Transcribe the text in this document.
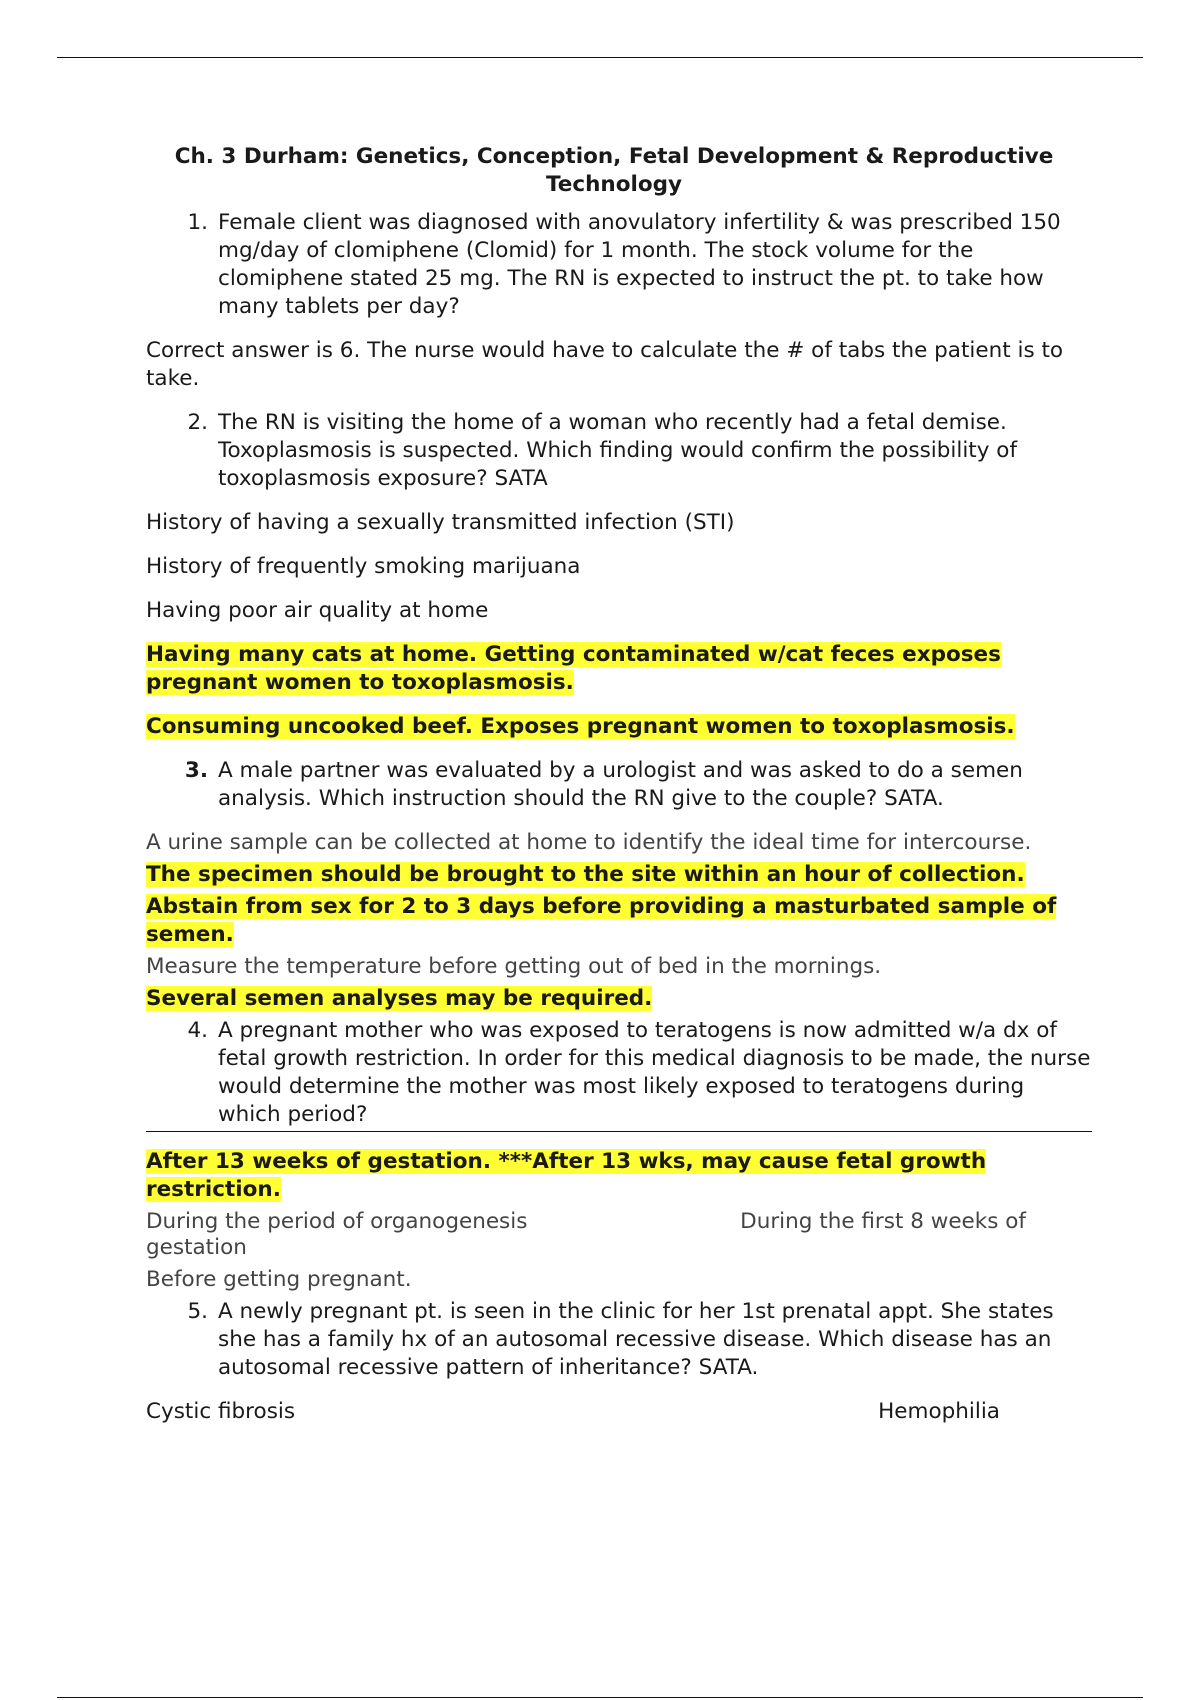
Ch. 3 Durham: Genetics, Conception, Fetal Development & Reproductive Technology
1. Female client was diagnosed with anovulatory infertility & was prescribed 150 mg/day of clomiphene (Clomid) for 1 month. The stock volume for the clomiphene stated 25 mg. The RN is expected to instruct the pt. to take how many tablets per day?

Correct answer is 6. The nurse would have to calculate the # of tabs the patient is to take.

2. The RN is visiting the home of a woman who recently had a fetal demise. Toxoplasmosis is suspected. Which finding would confirm the possibility of toxoplasmosis exposure? SATA

History of having a sexually transmitted infection (STI)

History of frequently smoking marijuana

Having poor air quality at home

Having many cats at home. Getting contaminated w/cat feces exposes pregnant women to toxoplasmosis.

Consuming uncooked beef. Exposes pregnant women to toxoplasmosis.

3. A male partner was evaluated by a urologist and was asked to do a semen analysis. Which instruction should the RN give to the couple? SATA.

A urine sample can be collected at home to identify the ideal time for intercourse.

The specimen should be brought to the site within an hour of collection.

Abstain from sex for 2 to 3 days before providing a masturbated sample of semen.

Measure the temperature before getting out of bed in the mornings.

Several semen analyses may be required.

4. A pregnant mother who was exposed to teratogens is now admitted w/a dx of fetal growth restriction. In order for this medical diagnosis to be made, the nurse would determine the mother was most likely exposed to teratogens during which period?

After 13 weeks of gestation. ***After 13 wks, may cause fetal growth restriction.

During the period of organogenesis	During the first 8 weeks of

gestation

Before getting pregnant.

5. A newly pregnant pt. is seen in the clinic for her 1st prenatal appt. She states she has a family hx of an autosomal recessive disease. Which disease has an autosomal recessive pattern of inheritance? SATA.
Cystic fibrosis	Hemophilia
